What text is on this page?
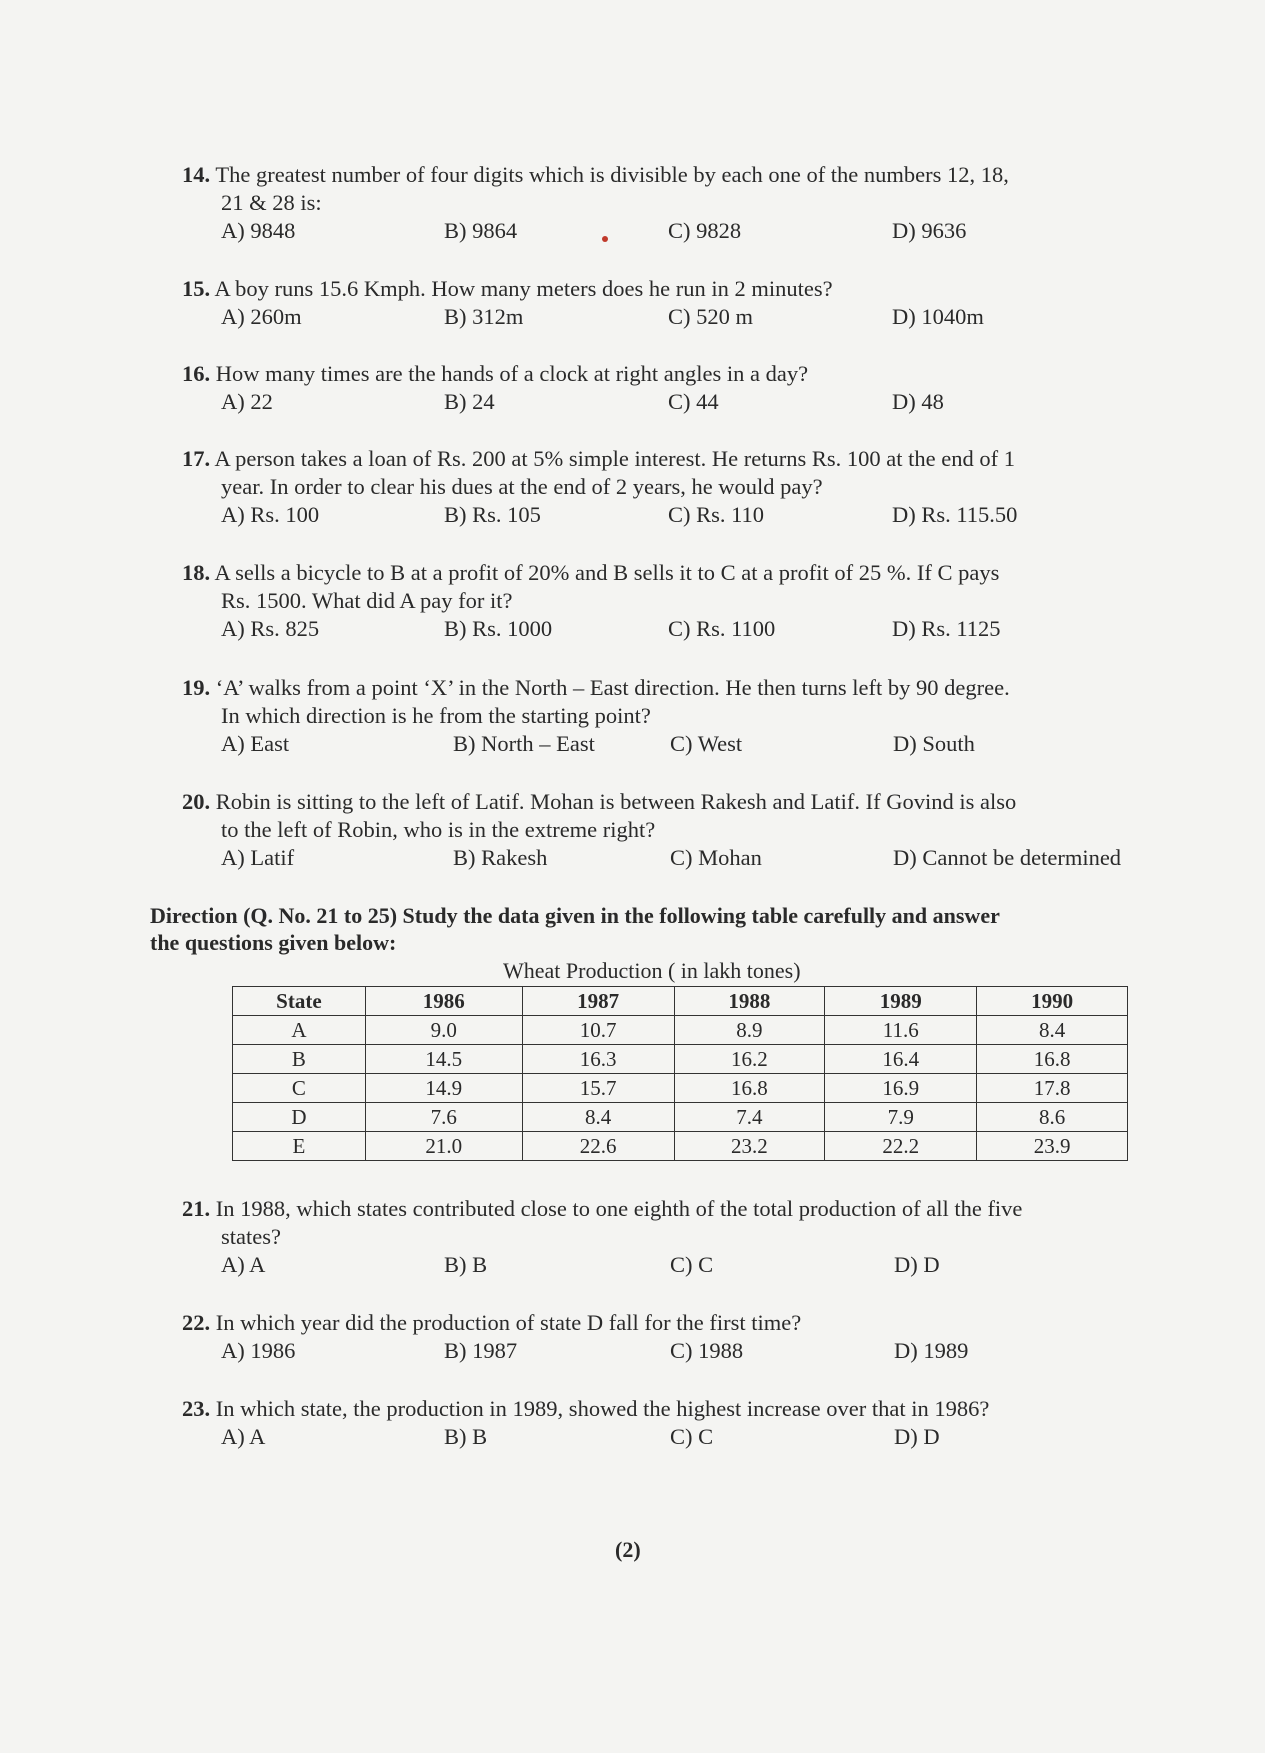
14. The greatest number of four digits which is divisible by each one of the numbers 12, 18,
21 & 28 is:
A) 9848	B) 9864	C) 9828	D) 9636
15. A boy runs 15.6 Kmph. How many meters does he run in 2 minutes?
A) 260m	B) 312m	C) 520 m	D) 1040m
16. How many times are the hands of a clock at right angles in a day?
A) 22	B) 24	C) 44	D) 48
17. A person takes a loan of Rs. 200 at 5% simple interest. He returns Rs. 100 at the end of 1
year. In order to clear his dues at the end of 2 years, he would pay?
A) Rs. 100	B) Rs. 105	C) Rs. 110	D) Rs. 115.50
18. A sells a bicycle to B at a profit of 20% and B sells it to C at a profit of 25 %. If C pays
Rs. 1500. What did A pay for it?
A) Rs. 825	B) Rs. 1000	C) Rs. 1100	D) Rs. 1125
19. ‘A’ walks from a point ‘X’ in the North – East direction. He then turns left by 90 degree.
In which direction is he from the starting point?
A) East	B) North – East	C) West	D) South
20. Robin is sitting to the left of Latif. Mohan is between Rakesh and Latif. If Govind is also
to the left of Robin, who is in the extreme right?
A) Latif	B) Rakesh	C) Mohan	D) Cannot be determined
Direction (Q. No. 21 to 25) Study the data given in the following table carefully and answer
the questions given below:
Wheat Production ( in lakh tones)
State	1986	1987	1988	1989	1990
A	9.0	10.7	8.9	11.6	8.4
B	14.5	16.3	16.2	16.4	16.8
C	14.9	15.7	16.8	16.9	17.8
D	7.6	8.4	7.4	7.9	8.6
E	21.0	22.6	23.2	22.2	23.9
21. In 1988, which states contributed close to one eighth of the total production of all the five
states?
A) A	B) B	C) C	D) D
22. In which year did the production of state D fall for the first time?
A) 1986	B) 1987	C) 1988	D) 1989
23. In which state, the production in 1989, showed the highest increase over that in 1986?
A) A	B) B	C) C	D) D
(2)
